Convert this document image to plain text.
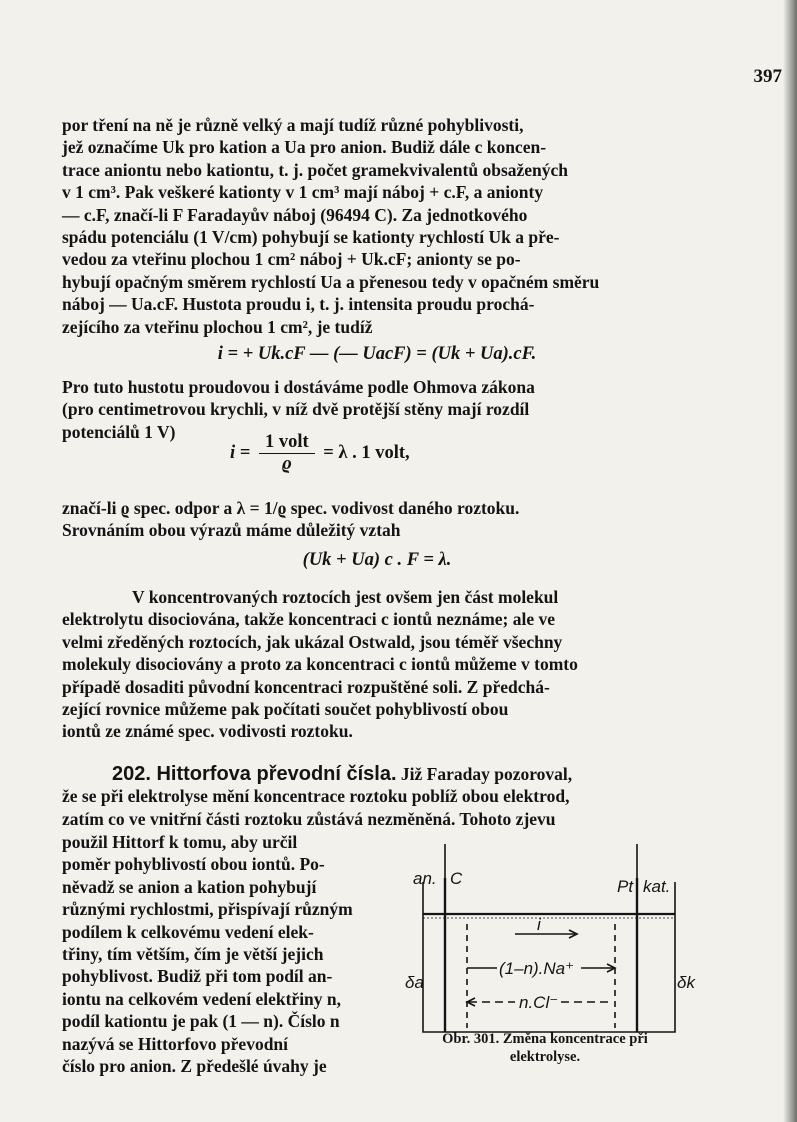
397
por tření na ně je různě velký a mají tudíž různé pohyblivosti,
jež označíme Uk pro kation a Ua pro anion. Budiž dále c koncen-
trace aniontu nebo kationtu, t. j. počet gramekvivalentů obsažených
v 1 cm³. Pak veškeré kationty v 1 cm³ mají náboj + c.F, a anionty
— c.F, značí-li F Faradayův náboj (96494 C). Za jednotkového
spádu potenciálu (1 V/cm) pohybují se kationty rychlostí Uk a pře-
vedou za vteřinu plochou 1 cm² náboj + Uk.cF; anionty se po-
hybují opačným směrem rychlostí Ua a přenesou tedy v opačném směru
náboj — Ua.cF. Hustota proudu i, t. j. intensita proudu prochá-
zejícího za vteřinu plochou 1 cm², je tudíž
i = + Uk.cF — (— UacF) = (Uk + Ua).cF.
Pro tuto hustotu proudovou i dostáváme podle Ohmova zákona
(pro centimetrovou krychli, v níž dvě protější stěny mají rozdíl
potenciálů 1 V)
$i = \frac{\text{1 volt}}{ϱ} = \lambda$ . 1 volt,
značí-li ϱ spec. odpor a λ = 1/ϱ spec. vodivost daného roztoku.
Srovnáním obou výrazů máme důležitý vztah
(Uk + Ua) c . F = λ.
V koncentrovaných roztocích jest ovšem jen část molekul
elektrolytu disociována, takže koncentraci c iontů neznáme; ale ve
velmi zředěných roztocích, jak ukázal Ostwald, jsou téměř všechny
molekuly disociovány a proto za koncentraci c iontů můžeme v tomto
případě dosaditi původní koncentraci rozpuštěné soli. Z předchá-
zející rovnice můžeme pak počítati součet pohyblivostí obou
iontů ze známé spec. vodivosti roztoku.
202. Hittorfova převodní čísla. Již Faraday pozoroval,
že se při elektrolyse mění koncentrace roztoku poblíž obou elektrod,
zatím co ve vnitřní části roztoku zůstává nezměněná. Tohoto zjevu
použil Hittorf k tomu, aby určil
poměr pohyblivostí obou iontů. Po-
něvadž se anion a kation pohybují
různými rychlostmi, přispívají různým
podílem k celkovému vedení elek-
třiny, tím větším, čím je větší jejich
pohyblivost. Budiž při tom podíl an-
iontu na celkovém vedení elektřiny n,
podíl kationtu je pak (1 — n). Číslo n
nazývá se Hittorfovo převodní
číslo pro anion. Z předešlé úvahy je
an. C	Pt kat.
i
(1–n).Na⁺
n.Cl⁻
δa	δk
Obr. 301. Změna koncentrace při
elektrolyse.
